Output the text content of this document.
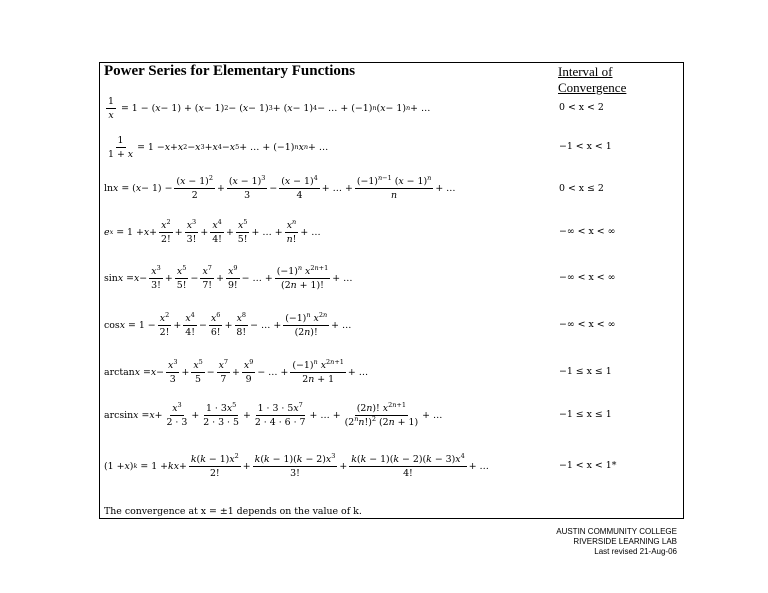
Power Series for Elementary Functions	Interval of
Convergence
$\frac{1}{x} = 1$ − ( x − 1) + ( x − 1) 2 − ( x − 1) 3 + ( x − 1) 4 − … + (−1) n ( x − 1) n + …	0 < x < 2
$\frac{1}{1 + x} = 1 - x + x$ 2 − x 3 + x 4 − x 5 + … + (−1) n x n + …	−1 < x < 1
ln x = ( $x - 1) - \frac{(x - 1)^2}{2} + \frac{(x - 1)^3}{3} - \frac{(x - 1)^4}{4}$ + … + $\frac{(-1)^{n-1} (x - 1)^n}{n}$ + …	0 < x ≤ 2
e $x = 1 + x + \frac{x^2}{2!} + \frac{x^3}{3!} + \frac{x^4}{4!} + \frac{x^5}{5!}$ + … + $\frac{x^n}{n!}$ + …	−∞ < x < ∞
$\sin x = x - \frac{x^3}{3!} + \frac{x^5}{5!} - \frac{x^7}{7!} + \frac{x^9}{9!}$ − … + $\frac{(-1)^n x^{2n+1}}{(2n + 1)!}$ + …	−∞ < x < ∞
$\cos x = 1 - \frac{x^2}{2!} + \frac{x^4}{4!} - \frac{x^6}{6!} + \frac{x^8}{8!}$ − … + $\frac{(-1)^n x^{2n}}{(2n)!}$ + …	−∞ < x < ∞
$\arctan x = x - \frac{x^3}{3} + \frac{x^5}{5} - \frac{x^7}{7} + \frac{x^9}{9}$ − … + $\frac{(-1)^n x^{2n+1}}{2n + 1}$ + …	−1 ≤ x ≤ 1
$\arcsin x = x + \frac{x^3}{2 \cdot 3} + \frac{1 \cdot 3x^5}{2 \cdot 3 \cdot 5} + \frac{1 \cdot 3 \cdot 5x^7}{2 \cdot 4 \cdot 6 \cdot 7}$ + … + $\frac{(2n)! x^{2n+1}}{(2^nn!)^2 (2n + 1)}$ + …	−1 ≤ x ≤ 1
(1 + x ) k = 1 + kx + $\frac{k(k - 1)x^2}{2!} + \frac{k(k - 1)(k - 2)x^3}{3!} + \frac{k(k - 1)(k - 2)(k - 3)x^4}{4!}$ + …	−1 < x < 1*
The convergence at x = ±1 depends on the value of k.
AUSTIN COMMUNITY COLLEGE
RIVERSIDE LEARNING LAB
Last revised 21-Aug-06
